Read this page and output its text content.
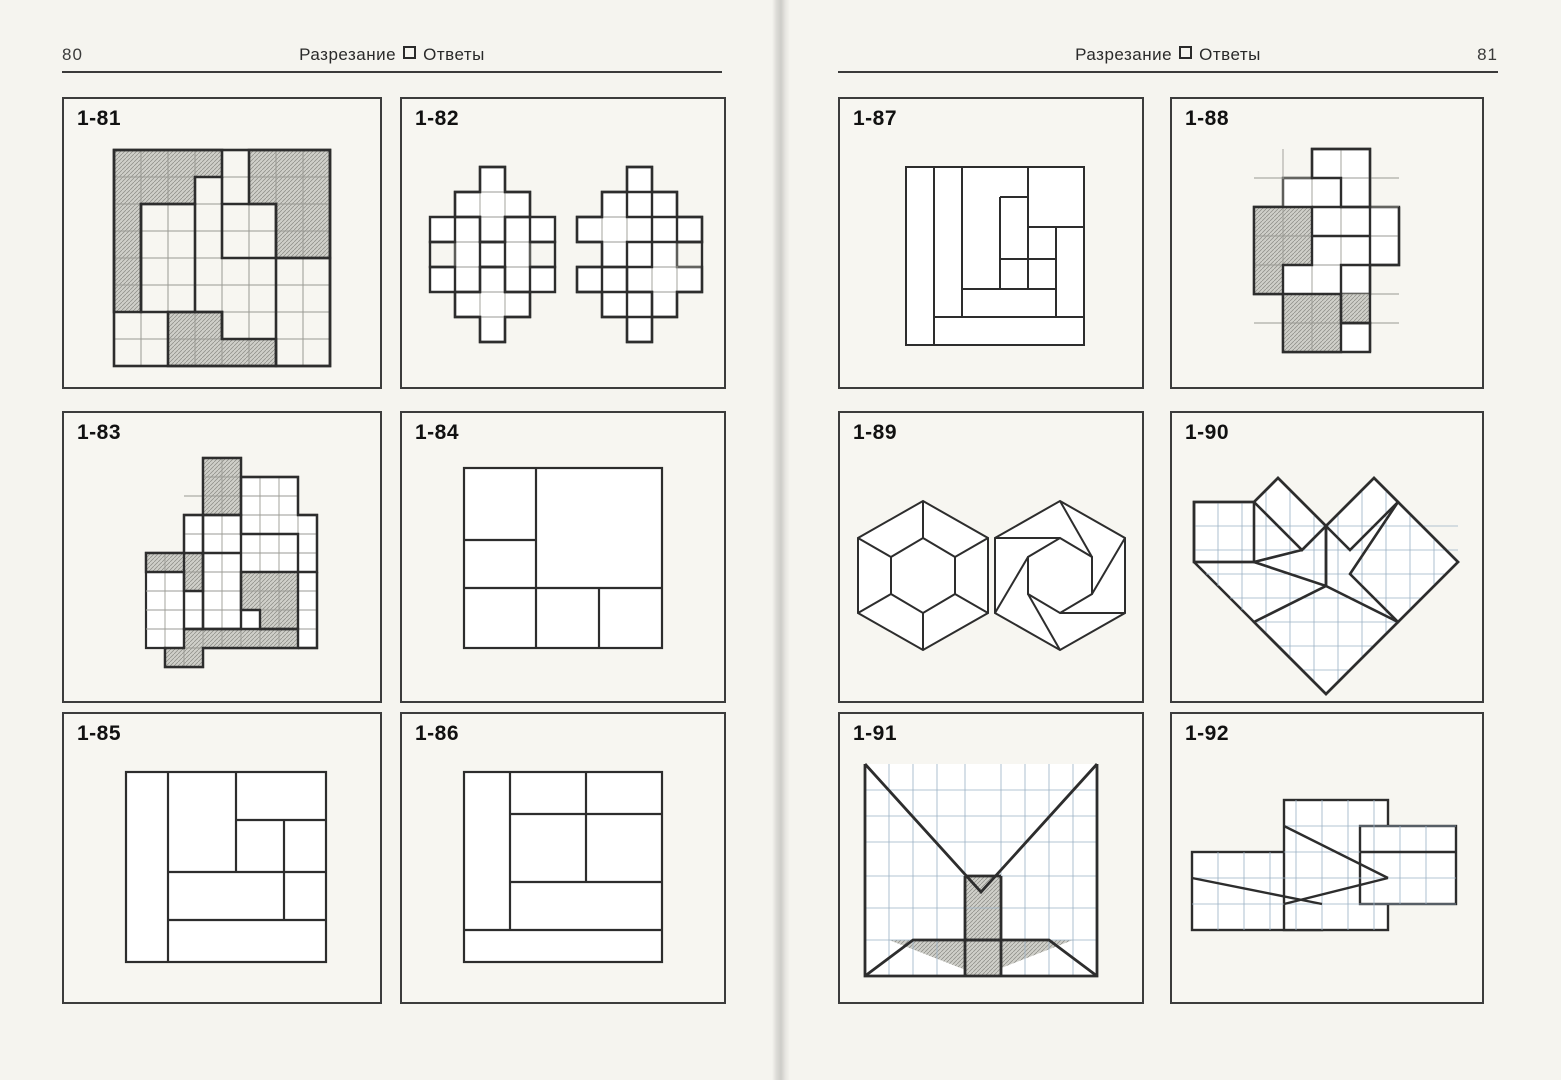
80	Разрезание Ответы	81
Разрезание Ответы
1-81	1-82
1-83	1-84
1-85	1-86
1-87	1-88
1-89	1-90
1-91	1-92
